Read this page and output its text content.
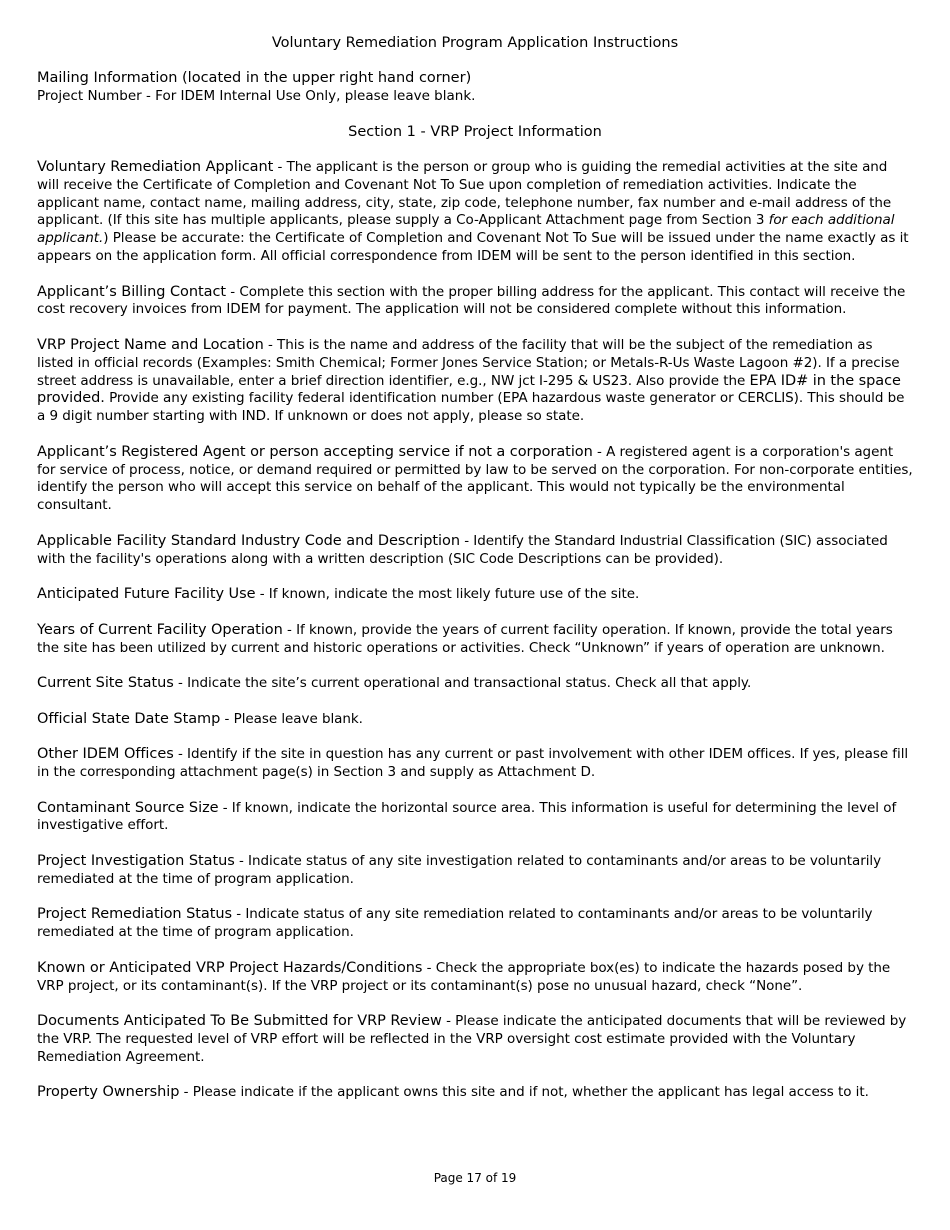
Voluntary Remediation Program Application Instructions
Mailing Information (located in the upper right hand corner)
Project Number - For IDEM Internal Use Only, please leave blank.
Section 1 - VRP Project Information

Voluntary Remediation Applicant - The applicant is the person or group who is guiding the remedial activities at the site and will receive the Certificate of Completion and Covenant Not To Sue upon completion of remediation activities. Indicate the applicant name, contact name, mailing address, city, state, zip code, telephone number, fax number and e-mail address of the applicant. (If this site has multiple applicants, please supply a Co-Applicant Attachment page from Section 3 for each additional applicant.) Please be accurate: the Certificate of Completion and Covenant Not To Sue will be issued under the name exactly as it appears on the application form. All official correspondence from IDEM will be sent to the person identified in this section.

Applicant’s Billing Contact - Complete this section with the proper billing address for the applicant. This contact will receive the cost recovery invoices from IDEM for payment. The application will not be considered complete without this information.

VRP Project Name and Location - This is the name and address of the facility that will be the subject of the remediation as listed in official records (Examples: Smith Chemical; Former Jones Service Station; or Metals-R-Us Waste Lagoon #2). If a precise street address is unavailable, enter a brief direction identifier, e.g., NW jct I-295 & US23. Also provide the EPA ID# in the space provided. Provide any existing facility federal identification number (EPA hazardous waste generator or CERCLIS). This should be a 9 digit number starting with IND. If unknown or does not apply, please so state.

Applicant’s Registered Agent or person accepting service if not a corporation - A registered agent is a corporation's agent for service of process, notice, or demand required or permitted by law to be served on the corporation. For non-corporate entities, identify the person who will accept this service on behalf of the applicant. This would not typically be the environmental consultant.

Applicable Facility Standard Industry Code and Description - Identify the Standard Industrial Classification (SIC) associated with the facility's operations along with a written description (SIC Code Descriptions can be provided).

Anticipated Future Facility Use - If known, indicate the most likely future use of the site.

Years of Current Facility Operation - If known, provide the years of current facility operation. If known, provide the total years the site has been utilized by current and historic operations or activities. Check “Unknown” if years of operation are unknown.

Current Site Status - Indicate the site’s current operational and transactional status. Check all that apply.

Official State Date Stamp - Please leave blank.

Other IDEM Offices - Identify if the site in question has any current or past involvement with other IDEM offices. If yes, please fill in the corresponding attachment page(s) in Section 3 and supply as Attachment D.

Contaminant Source Size - If known, indicate the horizontal source area. This information is useful for determining the level of investigative effort.

Project Investigation Status - Indicate status of any site investigation related to contaminants and/or areas to be voluntarily remediated at the time of program application.

Project Remediation Status - Indicate status of any site remediation related to contaminants and/or areas to be voluntarily remediated at the time of program application.

Known or Anticipated VRP Project Hazards/Conditions - Check the appropriate box(es) to indicate the hazards posed by the VRP project, or its contaminant(s). If the VRP project or its contaminant(s) pose no unusual hazard, check “None”.

Documents Anticipated To Be Submitted for VRP Review - Please indicate the anticipated documents that will be reviewed by the VRP. The requested level of VRP effort will be reflected in the VRP oversight cost estimate provided with the Voluntary Remediation Agreement.

Property Ownership - Please indicate if the applicant owns this site and if not, whether the applicant has legal access to it.

Page 17 of 19
